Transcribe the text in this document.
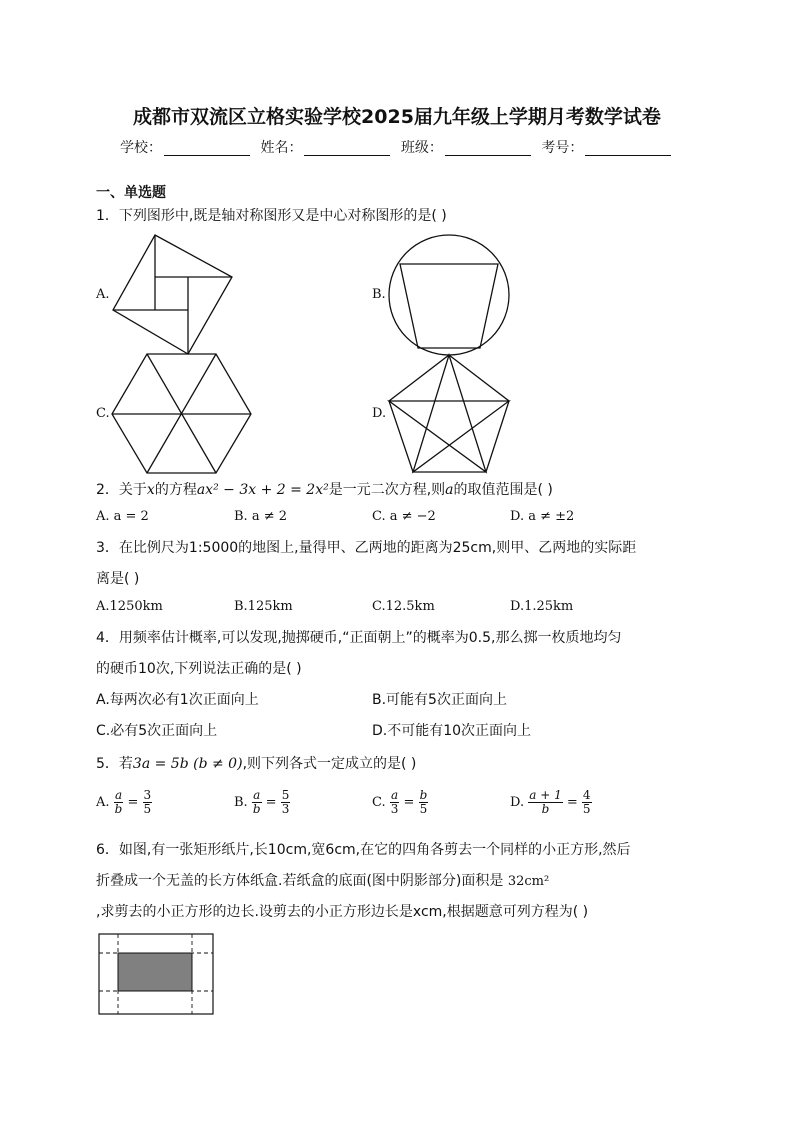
成都市双流区立格实验学校2025届九年级上学期月考数学试卷
学校：	姓名：	班级：	考号：
一、单选题
1．下列图形中,既是轴对称图形又是中心对称图形的是( )
A.	B.
C.	D.
2．关于x的方程ax² − 3x + 2 = 2x²是一元二次方程,则a的取值范围是( )
A. a = 2	B. a ≠ 2	C. a ≠ −2	D. a ≠ ±2
3．在比例尺为1:5000的地图上,量得甲、乙两地的距离为25cm,则甲、乙两地的实际距
离是( )
A.1250km	B.125km	C.12.5km	D.1.25km
4．用频率估计概率,可以发现,抛掷硬币,“正面朝上”的概率为0.5,那么掷一枚质地均匀
的硬币10次,下列说法正确的是( )
A.每两次必有1次正面向上	B.可能有5次正面向上
C.必有5次正面向上	D.不可能有10次正面向上
5．若3a = 5b (b ≠ 0),则下列各式一定成立的是( )
A. $\frac{a}{b} = \frac{3}{5}$	B. $\frac{a}{b} = \frac{5}{3}$	C. $\frac{a}{3} = \frac{b}{5}$	D. $\frac{a + 1}{b} = \frac{4}{5}$
6．如图,有一张矩形纸片,长10cm,宽6cm,在它的四角各剪去一个同样的小正方形,然后
折叠成一个无盖的长方体纸盒.若纸盒的底面(图中阴影部分)面积是 32cm²
,求剪去的小正方形的边长.设剪去的小正方形边长是xcm,根据题意可列方程为( )
